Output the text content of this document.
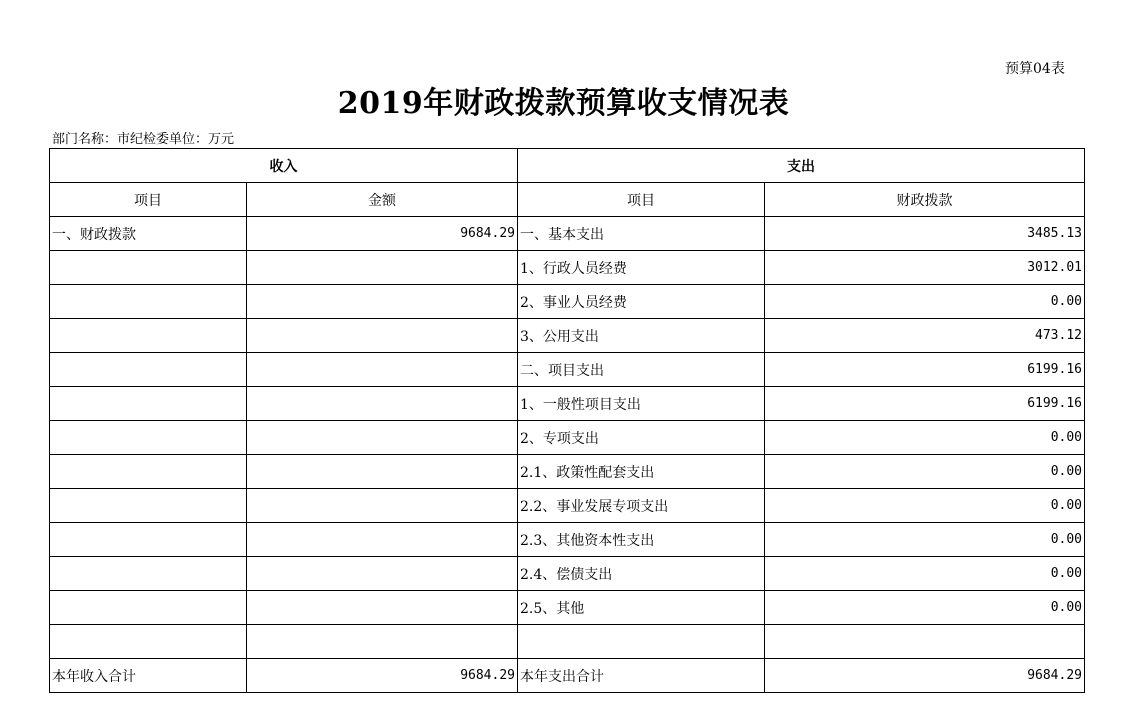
预算04表
2019年财政拨款预算收支情况表
部门名称：市纪检委单位：万元
收入		支出	
项目	金额	项目	财政拨款
一、财政拨款	9684.29	一、基本支出	3485.13
		1、行政人员经费	3012.01
		2、事业人员经费	0.00
		3、公用支出	473.12
		二、项目支出	6199.16
		1、一般性项目支出	6199.16
		2、专项支出	0.00
		2.1、政策性配套支出	0.00
		2.2、事业发展专项支出	0.00
		2.3、其他资本性支出	0.00
		2.4、偿债支出	0.00
		2.5、其他	0.00

本年收入合计	9684.29	本年支出合计	9684.29
